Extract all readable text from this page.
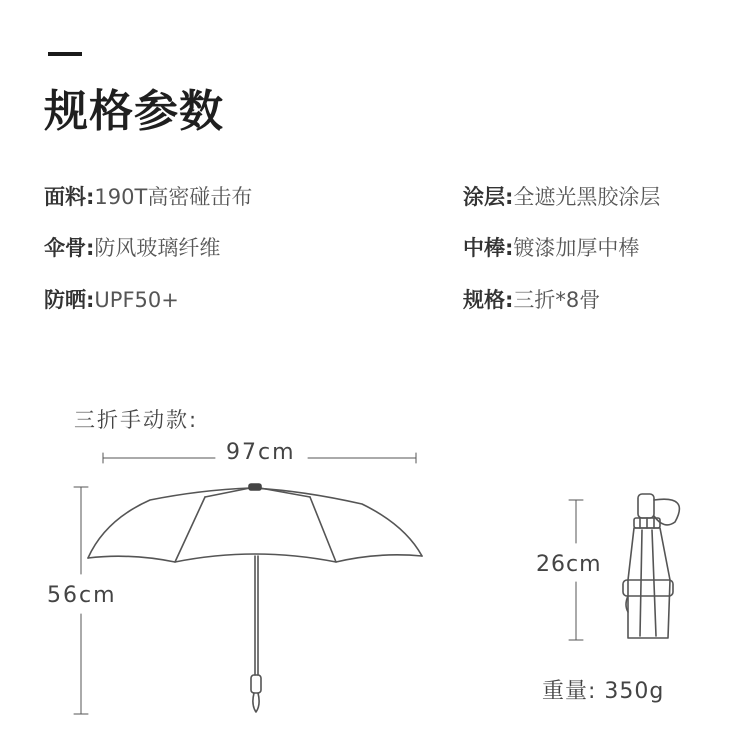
规格参数
面料:190T高密碰击布
伞骨:防风玻璃纤维
防晒:UPF50+
涂层:全遮光黑胶涂层
中棒:镀漆加厚中棒
规格:三折*8骨
三折手动款:
97cm
56cm
26cm
重量: 350g
